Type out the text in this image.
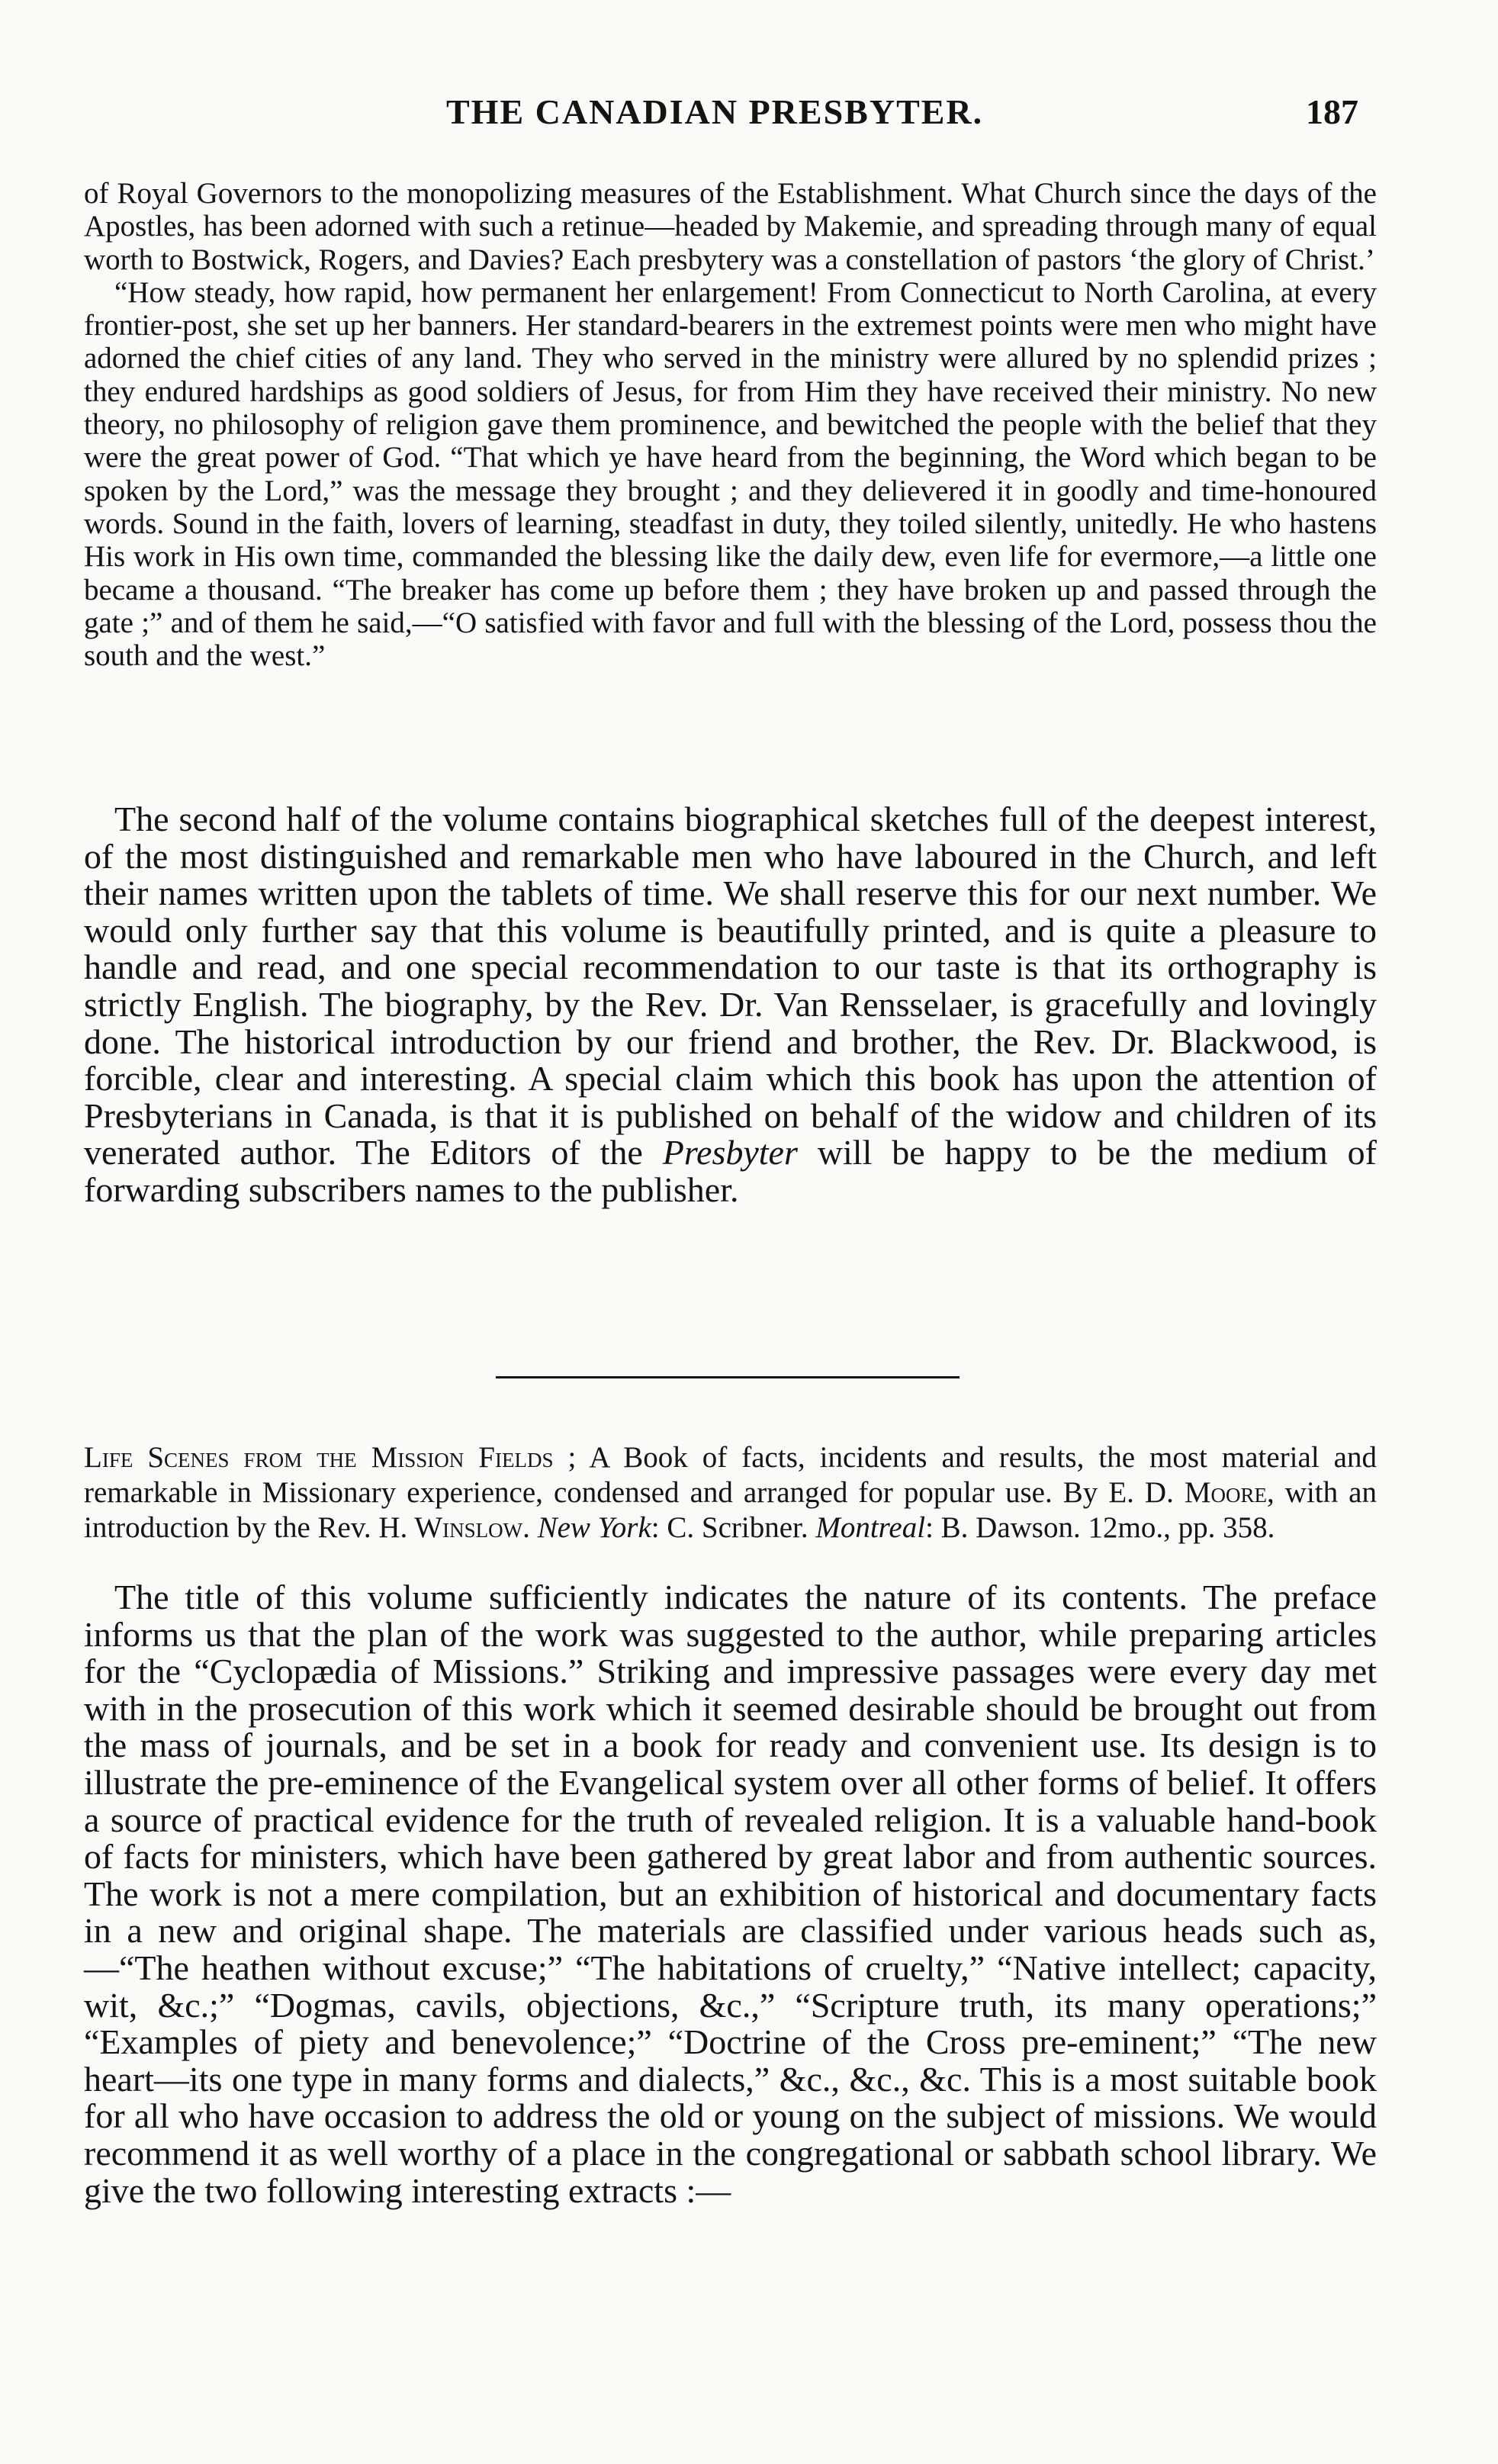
THE CANADIAN PRESBYTER.	187

of Royal Governors to the monopolizing measures of the Establishment. What Church since the days of the Apostles, has been adorned with such a retinue—headed by Makemie, and spreading through many of equal worth to Bostwick, Rogers, and Davies? Each presbytery was a constellation of pastors ‘the glory of Christ.’

“How steady, how rapid, how permanent her enlargement! From Connecticut to North Carolina, at every frontier-post, she set up her banners. Her standard-bearers in the extremest points were men who might have adorned the chief cities of any land. They who served in the ministry were allured by no splendid prizes ; they endured hardships as good soldiers of Jesus, for from Him they have received their ministry. No new theory, no philosophy of religion gave them prominence, and bewitched the people with the belief that they were the great power of God. “That which ye have heard from the beginning, the Word which began to be spoken by the Lord,” was the message they brought ; and they delievered it in goodly and time-honoured words. Sound in the faith, lovers of learning, steadfast in duty, they toiled silently, unitedly. He who hastens His work in His own time, commanded the blessing like the daily dew, even life for evermore,—a little one became a thousand. “The breaker has come up before them ; they have broken up and passed through the gate ;” and of them he said,—“O satisfied with favor and full with the blessing of the Lord, possess thou the south and the west.”

The second half of the volume contains biographical sketches full of the deepest interest, of the most distinguished and remarkable men who have laboured in the Church, and left their names written upon the tablets of time. We shall reserve this for our next number. We would only further say that this volume is beautifully printed, and is quite a pleasure to handle and read, and one special recommendation to our taste is that its orthography is strictly English. The biography, by the Rev. Dr. Van Rensselaer, is gracefully and lovingly done. The historical introduction by our friend and brother, the Rev. Dr. Blackwood, is forcible, clear and interesting. A special claim which this book has upon the attention of Presbyterians in Canada, is that it is published on behalf of the widow and children of its venerated author. The Editors of the Presbyter will be happy to be the medium of forwarding subscribers names to the publisher.

Life Scenes from the Mission Fields ; A Book of facts, incidents and results, the most material and remarkable in Missionary experience, condensed and arranged for popular use. By E. D. Moore, with an introduction by the Rev. H. Winslow. New York: C. Scribner. Montreal: B. Dawson. 12mo., pp. 358.

The title of this volume sufficiently indicates the nature of its contents. The preface informs us that the plan of the work was suggested to the author, while preparing articles for the “Cyclopædia of Missions.” Striking and impressive passages were every day met with in the prosecution of this work which it seemed desirable should be brought out from the mass of journals, and be set in a book for ready and convenient use. Its design is to illustrate the pre-eminence of the Evangelical system over all other forms of belief. It offers a source of practical evidence for the truth of revealed religion. It is a valuable hand-book of facts for ministers, which have been gathered by great labor and from authentic sources. The work is not a mere compilation, but an exhibition of historical and documentary facts in a new and original shape. The materials are classified under various heads such as,—“The heathen without excuse;” “The habitations of cruelty,” “Native intellect; capacity, wit, &c.;” “Dogmas, cavils, objections, &c.,” “Scripture truth, its many operations;” “Examples of piety and benevolence;” “Doctrine of the Cross pre-eminent;” “The new heart—its one type in many forms and dialects,” &c., &c., &c. This is a most suitable book for all who have occasion to address the old or young on the subject of missions. We would recommend it as well worthy of a place in the congregational or sabbath school library. We give the two following interesting extracts :—
